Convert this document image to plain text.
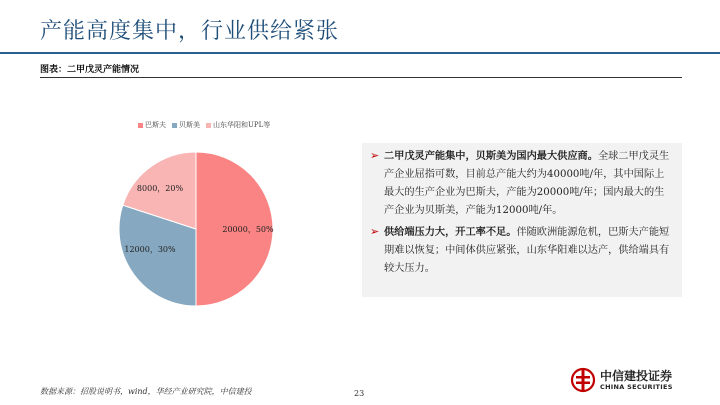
产能高度集中，行业供给紧张
图表：二甲戊灵产能情况
巴斯夫 贝斯美 山东华阳和UPL等
20000，50%
12000，30%
8000，20%
➢ 二甲戊灵产能集中，贝斯美为国内最大供应商。全球二甲戊灵生产企业屈指可数，目前总产能大约为40000吨/年，其中国际上最大的生产企业为巴斯夫，产能为20000吨/年；国内最大的生产企业为贝斯美，产能为12000吨/年。
➢ 供给端压力大，开工率不足。伴随欧洲能源危机，巴斯夫产能短期难以恢复；中间体供应紧张，山东华阳难以达产，供给端具有较大压力。
数据来源：招股说明书，wind，华经产业研究院，中信建投	23
中信建投证券
CHINA SECURITIES
